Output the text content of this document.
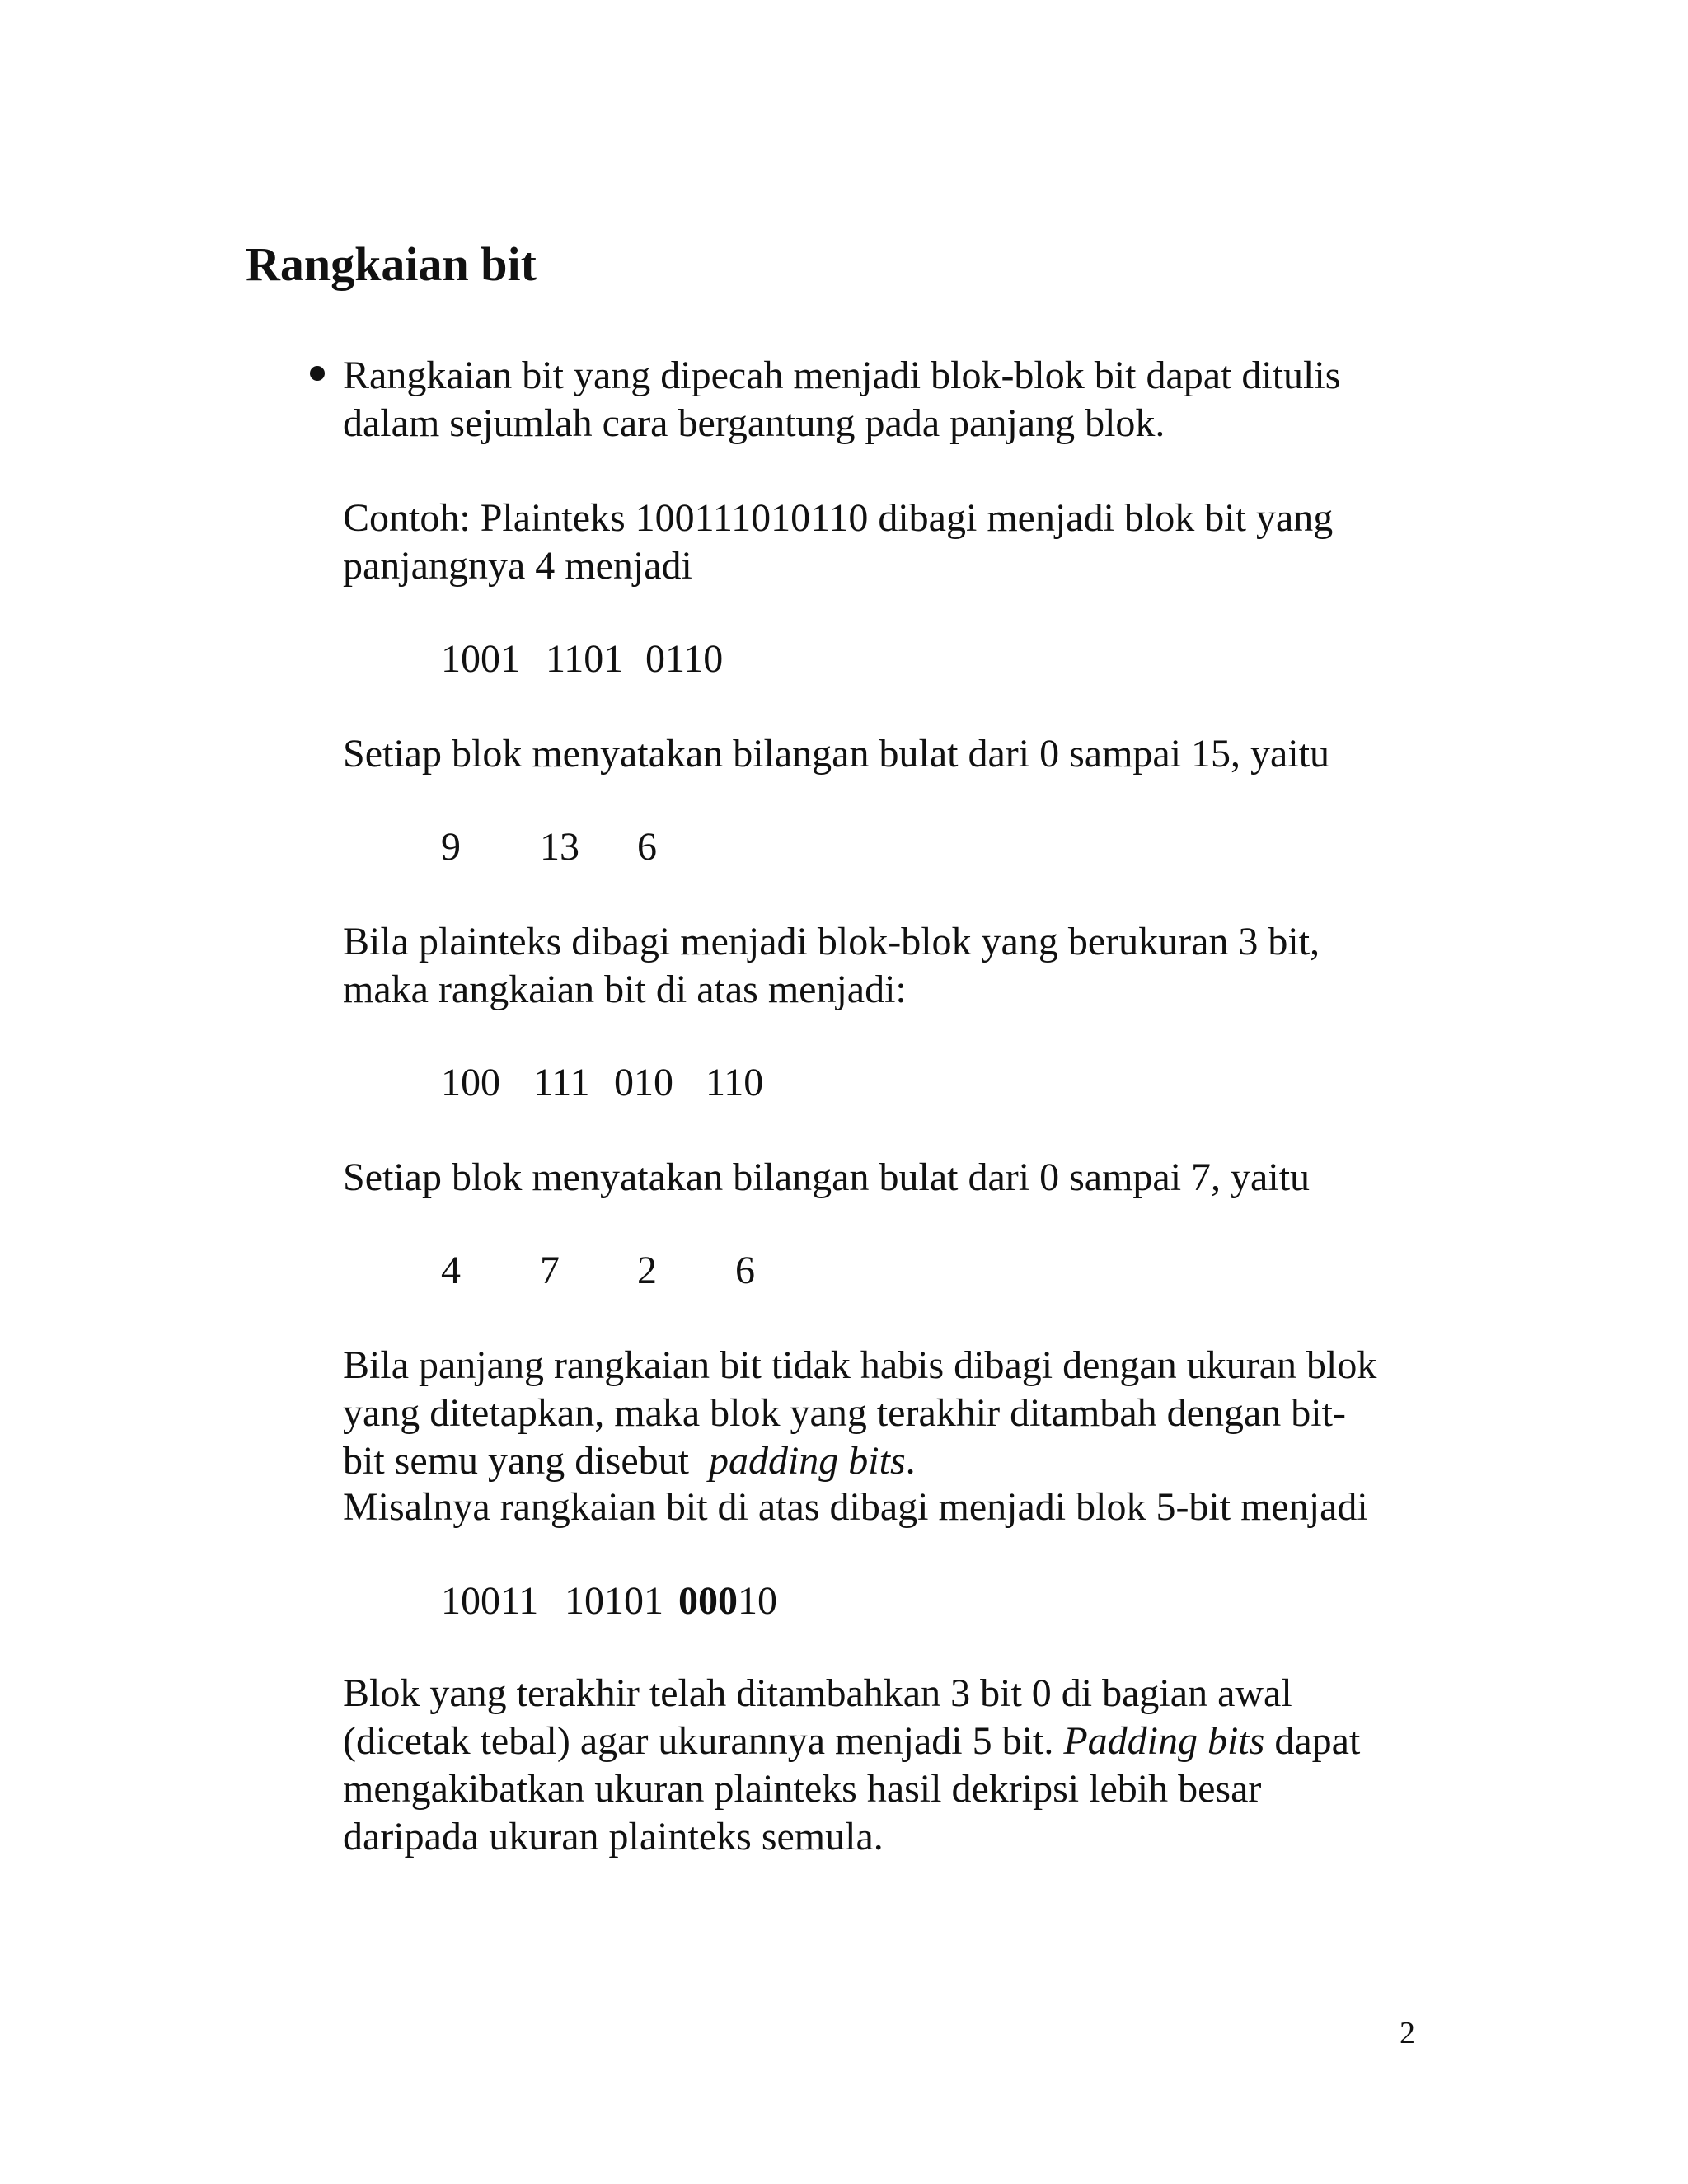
Rangkaian bit

Rangkaian bit yang dipecah menjadi blok-blok bit dapat ditulis

dalam sejumlah cara bergantung pada panjang blok.

Contoh: Plainteks 100111010110 dibagi menjadi blok bit yang

panjangnya 4 menjadi

1001 1101 0110

Setiap blok menyatakan bilangan bulat dari 0 sampai 15, yaitu

9 13 6

Bila plainteks dibagi menjadi blok-blok yang berukuran 3 bit,

maka rangkaian bit di atas menjadi:

100 111 010 110

Setiap blok menyatakan bilangan bulat dari 0 sampai 7, yaitu

4 7 2 6

Bila panjang rangkaian bit tidak habis dibagi dengan ukuran blok

yang ditetapkan, maka blok yang terakhir ditambah dengan bit-

bit semu yang disebut  padding bits.

Misalnya rangkaian bit di atas dibagi menjadi blok 5-bit menjadi

10011 10101 00010

Blok yang terakhir telah ditambahkan 3 bit 0 di bagian awal

(dicetak tebal) agar ukurannya menjadi 5 bit. Padding bits dapat

mengakibatkan ukuran plainteks hasil dekripsi lebih besar

daripada ukuran plainteks semula.

2
